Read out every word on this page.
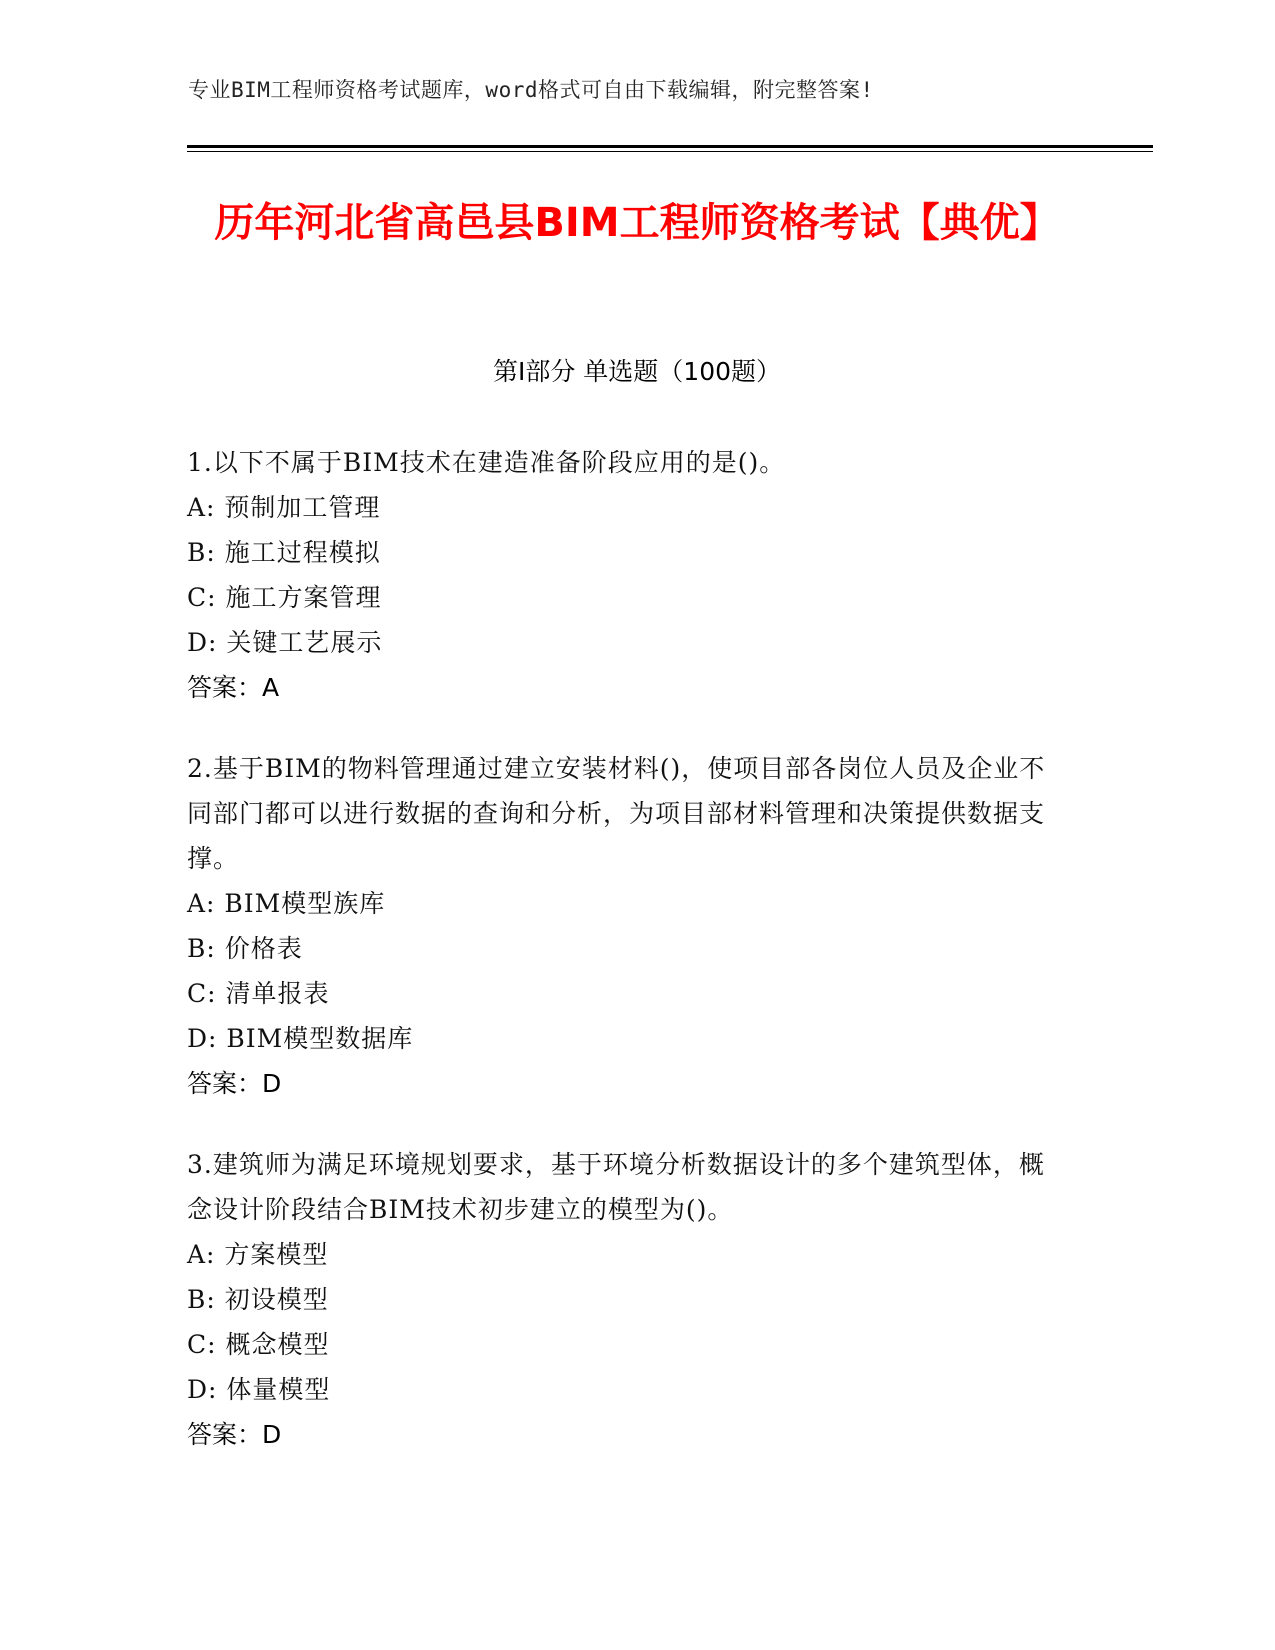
专业BIM工程师资格考试题库，word格式可自由下载编辑，附完整答案!
历年河北省高邑县BIM工程师资格考试【典优】
第I部分 单选题（100题）
1.以下不属于BIM技术在建造准备阶段应用的是()。
A: 预制加工管理
B: 施工过程模拟
C: 施工方案管理
D: 关键工艺展示
答案：A
2.基于BIM的物料管理通过建立安装材料()，使项目部各岗位人员及企业不同部门都可以进行数据的查询和分析，为项目部材料管理和决策提供数据支撑。
A: BIM模型族库
B: 价格表
C: 清单报表
D: BIM模型数据库
答案：D
3.建筑师为满足环境规划要求，基于环境分析数据设计的多个建筑型体，概念设计阶段结合BIM技术初步建立的模型为()。
A: 方案模型
B: 初设模型
C: 概念模型
D: 体量模型
答案：D
